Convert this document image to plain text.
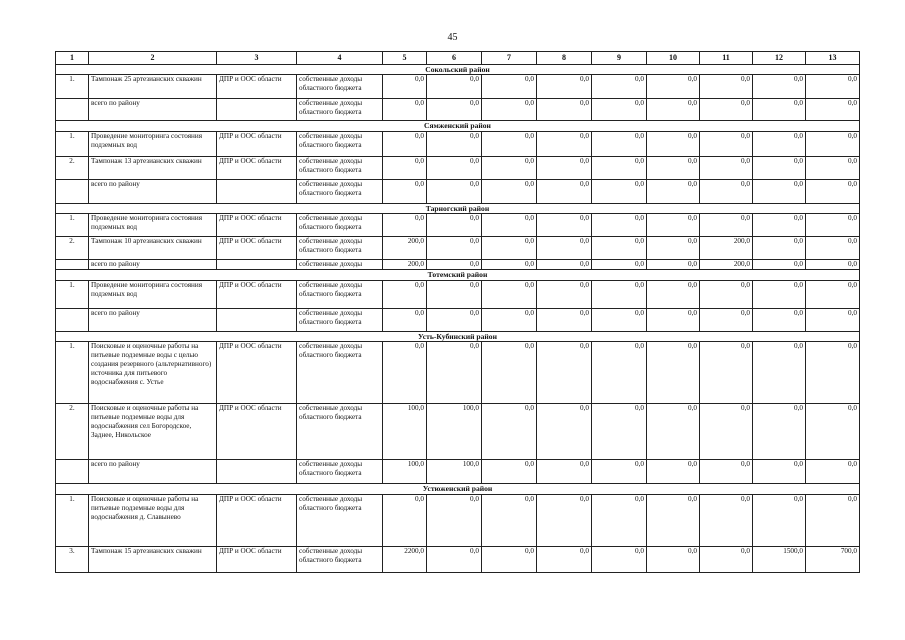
45
1	2	3	4	5	6	7	8	9	10	11	12	13
Сокольский район												
1.	Тампонаж 25 артезианских скважин	ДПР и ООС области	собственные доходы областного бюджета	0,0	0,0	0,0	0,0	0,0	0,0	0,0	0,0	0,0
	всего по району		собственные доходы областного бюджета	0,0	0,0	0,0	0,0	0,0	0,0	0,0	0,0	0,0
Сямженский район												
1.	Проведение мониторинга состояния подземных вод	ДПР и ООС области	собственные доходы областного бюджета	0,0	0,0	0,0	0,0	0,0	0,0	0,0	0,0	0,0
2.	Тампонаж 13 артезианских скважин	ДПР и ООС области	собственные доходы областного бюджета	0,0	0,0	0,0	0,0	0,0	0,0	0,0	0,0	0,0
	всего по району		собственные доходы областного бюджета	0,0	0,0	0,0	0,0	0,0	0,0	0,0	0,0	0,0
Тарногский район												
1.	Проведение мониторинга состояния подземных вод	ДПР и ООС области	собственные доходы областного бюджета	0,0	0,0	0,0	0,0	0,0	0,0	0,0	0,0	0,0
2.	Тампонаж 10 артезианских скважин	ДПР и ООС области	собственные доходы областного бюджета	200,0	0,0	0,0	0,0	0,0	0,0	200,0	0,0	0,0
	всего по району		собственные доходы	200,0	0,0	0,0	0,0	0,0	0,0	200,0	0,0	0,0
Тотемский район												
1.	Проведение мониторинга состояния подземных вод	ДПР и ООС области	собственные доходы областного бюджета	0,0	0,0	0,0	0,0	0,0	0,0	0,0	0,0	0,0
	всего по району		собственные доходы областного бюджета	0,0	0,0	0,0	0,0	0,0	0,0	0,0	0,0	0,0
Усть-Кубинский район												
1.	Поисковые и оценочные работы на питьевые подземные воды с целью создания резервного (альтернативного) источника для питьевого водоснабжения с. Устье	ДПР и ООС области	собственные доходы областного бюджета	0,0	0,0	0,0	0,0	0,0	0,0	0,0	0,0	0,0
2.	Поисковые и оценочные работы на питьевые подземные воды для водоснабжения сел Богородское, Заднее, Никольское	ДПР и ООС области	собственные доходы областного бюджета	100,0	100,0	0,0	0,0	0,0	0,0	0,0	0,0	0,0
	всего по району		собственные доходы областного бюджета	100,0	100,0	0,0	0,0	0,0	0,0	0,0	0,0	0,0
Устюженский район												
1.	Поисковые и оценочные работы на питьевые подземные воды для водоснабжения д. Славынево	ДПР и ООС области	собственные доходы областного бюджета	0,0	0,0	0,0	0,0	0,0	0,0	0,0	0,0	0,0
3.	Тампонаж 15 артезианских скважин	ДПР и ООС области	собственные доходы областного бюджета	2200,0	0,0	0,0	0,0	0,0	0,0	0,0	1500,0	700,0
